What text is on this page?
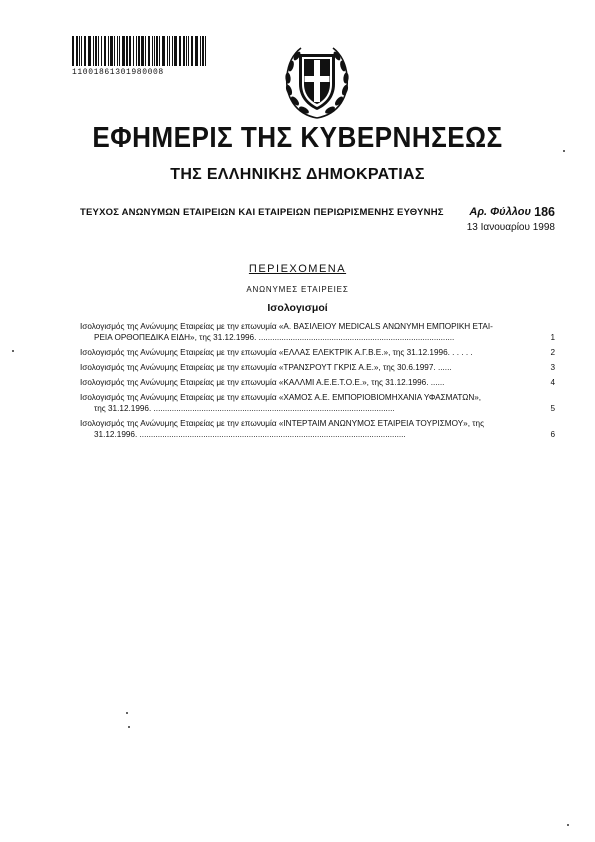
11001861301980008
ΕΦΗΜΕΡΙΣ ΤΗΣ ΚΥΒΕΡΝΗΣΕΩΣ
ΤΗΣ ΕΛΛΗΝΙΚΗΣ ΔΗΜΟΚΡΑΤΙΑΣ
ΤΕΥΧΟΣ ΑΝΩΝΥΜΩΝ ΕΤΑΙΡΕΙΩΝ ΚΑΙ ΕΤΑΙΡΕΙΩΝ ΠΕΡΙΩΡΙΣΜΕΝΗΣ ΕΥΘΥΝΗΣ Αρ. Φύλλου 186
13 Ιανουαρίου 1998
ΠΕΡΙΕΧΟΜΕΝΑ
ΑΝΩΝΥΜΕΣ ΕΤΑΙΡΕΙΕΣ
Ισολογισμοί
Ισολογισμός της Ανώνυμης Εταιρείας με την επωνυμία «Α. ΒΑΣΙΛΕΙΟΥ MEDICALS ΑΝΩΝΥΜΗ ΕΜΠΟΡΙΚΗ ΕΤΑΙ-
ΡΕΙΑ ΟΡΘΟΠΕΔΙΚΑ ΕΙΔΗ», της 31.12.1996. ......................................................................................	1
Ισολογισμός της Ανώνυμης Εταιρείας με την επωνυμία «ΕΛΛΑΣ ΕΛΕΚΤΡΙΚ Α.Γ.Β.Ε.», της 31.12.1996. . . . . .	2
Ισολογισμός της Ανώνυμης Εταιρείας με την επωνυμία «ΤΡΑΝΣΡΟΥΤ ΓΚΡΙΣ Α.Ε.», της 30.6.1997. ......	3
Ισολογισμός της Ανώνυμης Εταιρείας με την επωνυμία «ΚΑΛΛΜΙ Α.Ε.Ε.Τ.Ο.Ε.», της 31.12.1996. ......	4
Ισολογισμός της Ανώνυμης Εταιρείας με την επωνυμία «ΧΑΜΟΣ Α.Ε. ΕΜΠΟΡΙΟΒΙΟΜΗΧΑΝΙΑ ΥΦΑΣΜΑΤΩΝ»,
της 31.12.1996. ..........................................................................................................	5
Ισολογισμός της Ανώνυμης Εταιρείας με την επωνυμία «ΙΝΤΕΡΤΑΙΜ ΑΝΩΝΥΜΟΣ ΕΤΑΙΡΕΙΑ ΤΟΥΡΙΣΜΟΥ», της
31.12.1996. .....................................................................................................................	6
